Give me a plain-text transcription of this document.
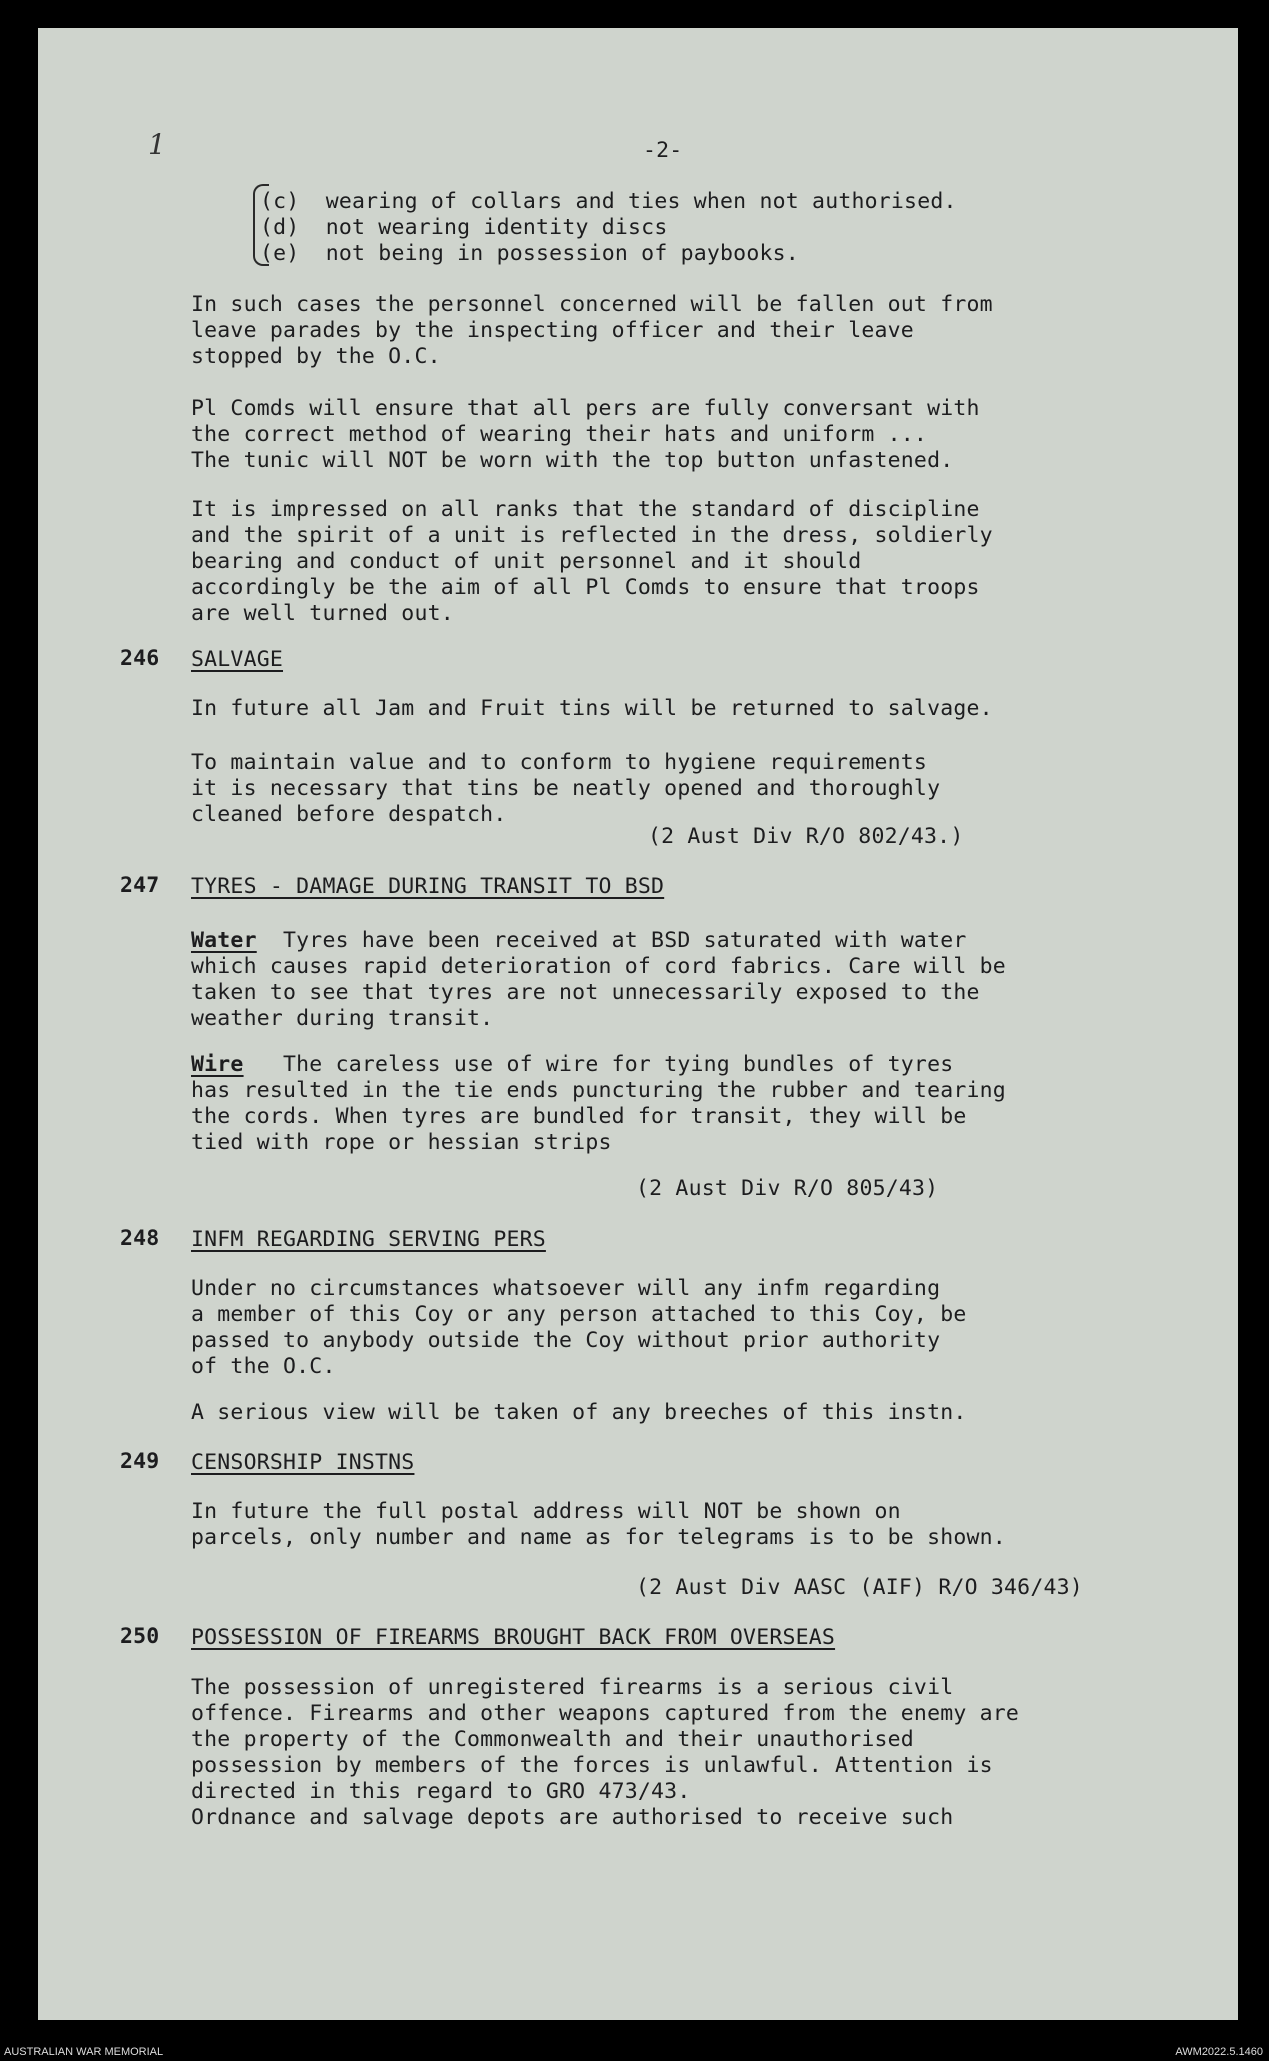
1	-2-
(c)  wearing of collars and ties when not authorised.
(d)  not wearing identity discs
(e)  not being in possession of paybooks.
In such cases the personnel concerned will be fallen out from
leave parades by the inspecting officer and their leave
stopped by the O.C.
Pl Comds will ensure that all pers are fully conversant with
the correct method of wearing their hats and uniform ...
The tunic will NOT be worn with the top button unfastened.
It is impressed on all ranks that the standard of discipline
and the spirit of a unit is reflected in the dress, soldierly
bearing and conduct of unit personnel and it should
accordingly be the aim of all Pl Comds to ensure that troops
are well turned out.
246 SALVAGE
In future all Jam and Fruit tins will be returned to salvage.
To maintain value and to conform to hygiene requirements
it is necessary that tins be neatly opened and thoroughly
cleaned before despatch.
(2 Aust Div R/O 802/43.)
247 TYRES - DAMAGE DURING TRANSIT TO BSD
Water	Tyres have been received at BSD saturated with water
which causes rapid deterioration of cord fabrics. Care will be
taken to see that tyres are not unnecessarily exposed to the
weather during transit.
Wire	The careless use of wire for tying bundles of tyres
has resulted in the tie ends puncturing the rubber and tearing
the cords. When tyres are bundled for transit, they will be
tied with rope or hessian strips
(2 Aust Div R/O 805/43)
248 INFM REGARDING SERVING PERS
Under no circumstances whatsoever will any infm regarding
a member of this Coy or any person attached to this Coy, be
passed to anybody outside the Coy without prior authority
of the O.C.
A serious view will be taken of any breeches of this instn.
249 CENSORSHIP INSTNS
In future the full postal address will NOT be shown on
parcels, only number and name as for telegrams is to be shown.
(2 Aust Div AASC (AIF) R/O 346/43)
250 POSSESSION OF FIREARMS BROUGHT BACK FROM OVERSEAS
The possession of unregistered firearms is a serious civil
offence. Firearms and other weapons captured from the enemy are
the property of the Commonwealth and their unauthorised
possession by members of the forces is unlawful. Attention is
directed in this regard to GRO 473/43.
Ordnance and salvage depots are authorised to receive such
AUSTRALIAN WAR MEMORIAL	AWM2022.5.1460
